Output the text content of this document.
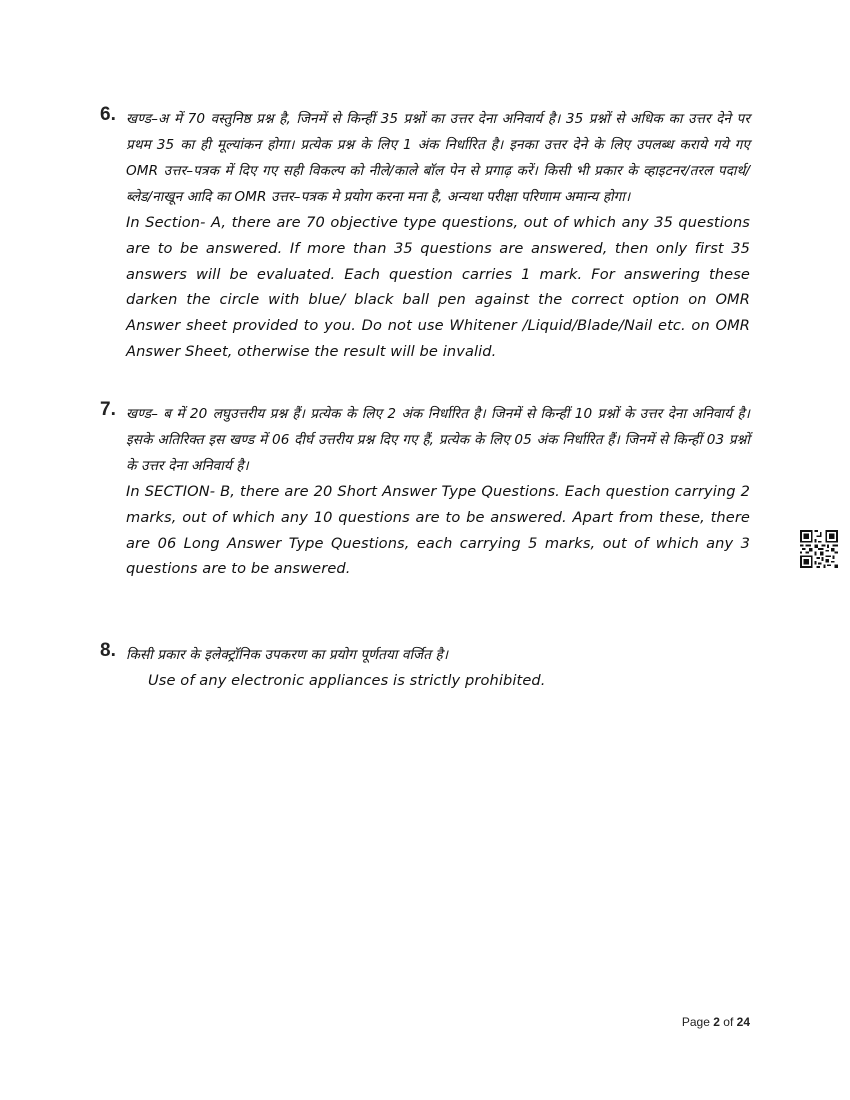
6. खण्ड–अ में 70 वस्तुनिष्ठ प्रश्न है, जिनमें से किन्हीं 35 प्रश्नों का उत्तर देना अनिवार्य है। 35 प्रश्नों से अधिक का उत्तर देने पर प्रथम 35 का ही मूल्यांकन होगा। प्रत्येक प्रश्न के लिए 1 अंक निर्धारित है। इनका उत्तर देने के लिए उपलब्ध कराये गये गए OMR उत्तर–पत्रक में दिए गए सही विकल्प को नीले/काले बॉल पेन से प्रगाढ़ करें। किसी भी प्रकार के व्हाइटनर/तरल पदार्थ/ब्लेड/नाखून आदि का OMR उत्तर–पत्रक मे प्रयोग करना मना है, अन्यथा परीक्षा परिणाम अमान्य होगा।

In Section- A, there are 70 objective type questions, out of which any 35 questions are to be answered. If more than 35 questions are answered, then only first 35 answers will be evaluated. Each question carries 1 mark. For answering these darken the circle with blue/ black ball pen against the correct option on OMR Answer sheet provided to you. Do not use Whitener /Liquid/Blade/Nail etc. on OMR Answer Sheet, otherwise the result will be invalid.

7. खण्ड– ब में 20 लघुउत्तरीय प्रश्न हैं। प्रत्येक के लिए 2 अंक निर्धारित है। जिनमें से किन्हीं 10 प्रश्नों के उत्तर देना अनिवार्य है। इसके अतिरिक्त इस खण्ड में 06 दीर्घ उत्तरीय प्रश्न दिए गए हैं, प्रत्येक के लिए 05 अंक निर्धारित हैं। जिनमें से किन्हीं 03 प्रश्नों के उत्तर देना अनिवार्य है।

In SECTION- B, there are 20 Short Answer Type Questions. Each question carrying 2 marks, out of which any 10 questions are to be answered. Apart from these, there are 06 Long Answer Type Questions, each carrying 5 marks, out of which any 3 questions are to be answered.

8. किसी प्रकार के इलेक्ट्रॉनिक उपकरण का प्रयोग पूर्णतया वर्जित है।

Use of any electronic appliances is strictly prohibited.

Page 2 of 24
